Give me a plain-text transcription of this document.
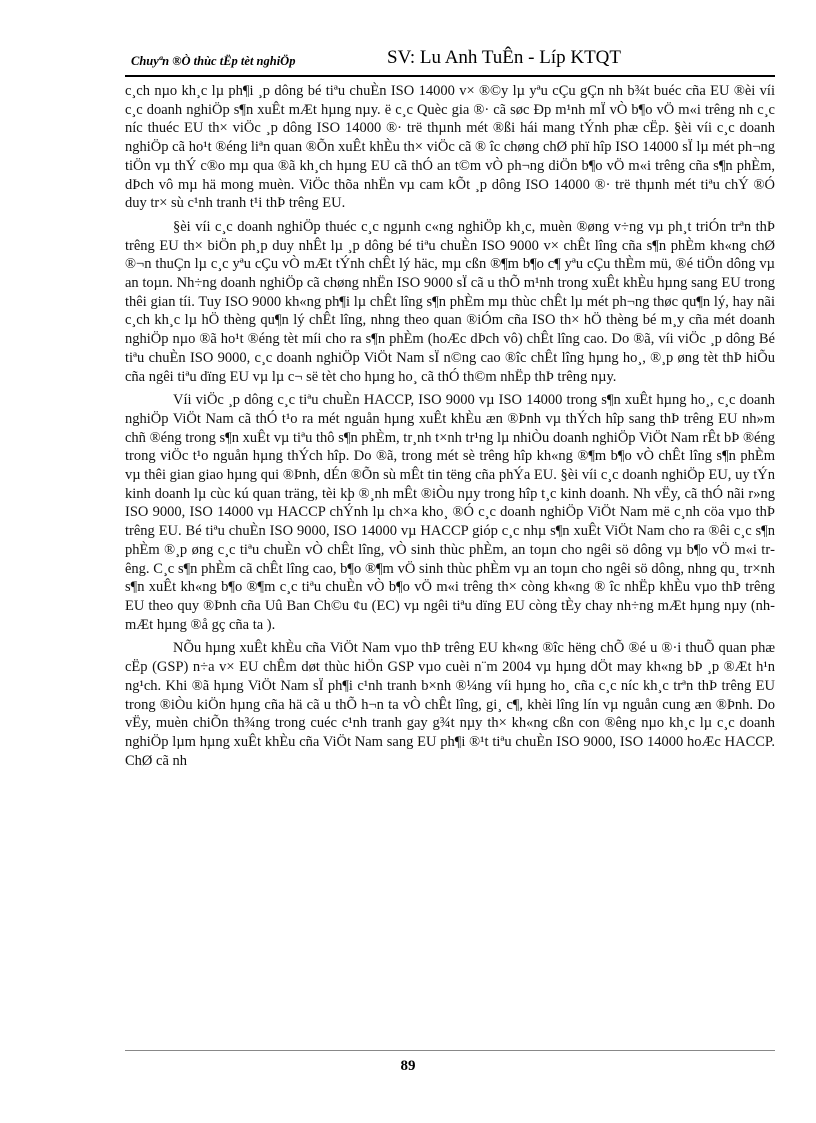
Chuyªn ®Ò thùc tËp tèt nghiÖp	SV: Lu Anh TuÊn - Líp KTQT

c¸ch nµo kh¸c lµ ph¶i ¸p dông bé tiªu chuÈn ISO 14000 v× ®©y lµ yªu cÇu gÇn nh b¾t buéc cña EU ®èi víi c¸c doanh nghiÖp s¶n xuÊt mÆt hµng nµy. ë c¸c Quèc gia ®· cã søc Ðp m¹nh mÏ vÒ b¶o vÖ m«i trêng nh c¸c níc thuéc EU th× viÖc ¸p dông ISO 14000 ®· trë thµnh mét ®ßi hái mang tÝnh phæ cËp. §èi víi c¸c doanh nghiÖp cã ho¹t ®éng liªn quan ®Õn xuÊt khÈu th× viÖc cã ® îc chøng chØ phï hîp ISO 14000 sÏ lµ mét ph¬ng tiÖn vµ thÝ c®o mµ qua ®ã kh¸ch hµng EU cã thÓ an t©m vÒ ph¬ng diÖn b¶o vÖ m«i trêng cña s¶n phÈm, dÞch vô mµ hä mong muèn. ViÖc thõa nhËn vµ cam kÕt ¸p dông ISO 14000 ®· trë thµnh mét tiªu chÝ ®Ó duy tr× sù c¹nh tranh t¹i thÞ trêng EU.

§èi víi c¸c doanh nghiÖp thuéc c¸c ngµnh c«ng nghiÖp kh¸c, muèn ®øng v÷ng vµ ph¸t triÓn trªn thÞ trêng EU th× biÖn ph¸p duy nhÊt lµ ¸p dông bé tiªu chuÈn ISO 9000 v× chÊt lîng cña s¶n phÈm kh«ng chØ ®¬n thuÇn lµ c¸c yªu cÇu vÒ mÆt tÝnh chÊt lý häc, mµ cßn ®¶m b¶o c¶ yªu cÇu thÈm mü, ®é tiÖn dông vµ an toµn. Nh÷ng doanh nghiÖp cã chøng nhËn ISO 9000 sÏ cã u thÕ m¹nh trong xuÊt khÈu hµng sang EU trong thêi gian tíi. Tuy ISO 9000 kh«ng ph¶i lµ chÊt lîng s¶n phÈm mµ thùc chÊt lµ mét ph¬ng thøc qu¶n lý, hay nãi c¸ch kh¸c lµ hÖ thèng qu¶n lý chÊt lîng, nhng theo quan ®iÓm cña ISO th× hÖ thèng bé m¸y cña mét doanh nghiÖp nµo ®ã ho¹t ®éng tèt míi cho ra s¶n phÈm (hoÆc dÞch vô) chÊt lîng cao. Do ®ã, víi viÖc ¸p dông Bé tiªu chuÈn ISO 9000, c¸c doanh nghiÖp ViÖt Nam sÏ n©ng cao ®îc chÊt lîng hµng ho¸, ®¸p øng tèt thÞ hiÕu cña ngêi tiªu dïng EU vµ lµ c¬ së tèt cho hµng ho¸ cã thÓ th©m nhËp thÞ trêng nµy.

Víi viÖc ¸p dông c¸c tiªu chuÈn HACCP, ISO 9000 vµ ISO 14000 trong s¶n xuÊt hµng ho¸, c¸c doanh nghiÖp ViÖt Nam cã thÓ t¹o ra mét nguån hµng xuÊt khÈu æn ®Þnh vµ thÝch hîp sang thÞ trêng EU nh»m chñ ®éng trong s¶n xuÊt vµ tiªu thô s¶n phÈm, tr¸nh t×nh tr¹ng lµ nhiÒu doanh nghiÖp ViÖt Nam rÊt bÞ ®éng trong viÖc t¹o nguån hµng thÝch hîp. Do ®ã, trong mét sè trêng hîp kh«ng ®¶m b¶o vÒ chÊt lîng s¶n phÈm vµ thêi gian giao hµng qui ®Þnh, dÉn ®Õn sù mÊt tin tëng cña phÝa EU. §èi víi c¸c doanh nghiÖp EU, uy tÝn kinh doanh lµ cùc kú quan träng, tèi kþ ®¸nh mÊt ®iÒu nµy trong hîp t¸c kinh doanh. Nh vËy, cã thÓ nãi r»ng ISO 9000, ISO 14000 vµ HACCP chÝnh lµ ch×a kho¸ ®Ó c¸c doanh nghiÖp ViÖt Nam më c¸nh cöa vµo thÞ trêng EU. Bé tiªu chuÈn ISO 9000, ISO 14000 vµ HACCP gióp c¸c nhµ s¶n xuÊt ViÖt Nam cho ra ®êi c¸c s¶n phÈm ®¸p øng c¸c tiªu chuÈn vÒ chÊt lîng, vÒ sinh thùc phÈm, an toµn cho ngêi sö dông vµ b¶o vÖ m«i trêng. C¸c s¶n phÈm cã chÊt lîng cao, b¶o ®¶m vÖ sinh thùc phÈm vµ an toµn cho ngêi sö dông, nhng qu¸ tr×nh s¶n xuÊt kh«ng b¶o ®¶m c¸c tiªu chuÈn vÒ b¶o vÖ m«i trêng th× còng kh«ng ® îc nhËp khÈu vµo thÞ trêng EU theo quy ®Þnh cña Uû Ban Ch©u ¢u (EC) vµ ngêi tiªu dïng EU còng tÈy chay nh÷ng mÆt hµng nµy (nh mÆt hµng ®å gç cña ta ).

NÕu hµng xuÊt khÈu cña ViÖt Nam vµo thÞ trêng EU kh«ng ®îc hëng chÕ ®é u ®·i thuÕ quan phæ cËp (GSP) n÷a v× EU chÊm døt thùc hiÖn GSP vµo cuèi n¨m 2004 vµ hµng dÖt may kh«ng bÞ ¸p ®Æt h¹n ng¹ch. Khi ®ã hµng ViÖt Nam sÏ ph¶i c¹nh tranh b×nh ®¼ng víi hµng ho¸ cña c¸c níc kh¸c trªn thÞ trêng EU trong ®iÒu kiÖn hµng cña hä cã u thÕ h¬n ta vÒ chÊt lîng, gi¸ c¶, khèi lîng lín vµ nguån cung æn ®Þnh. Do vËy, muèn chiÕn th¾ng trong cuéc c¹nh tranh gay g¾t nµy th× kh«ng cßn con ®êng nµo kh¸c lµ c¸c doanh nghiÖp lµm hµng xuÊt khÈu cña ViÖt Nam sang EU ph¶i ®¹t tiªu chuÈn ISO 9000, ISO 14000 hoÆc HACCP. ChØ cã nh

89
